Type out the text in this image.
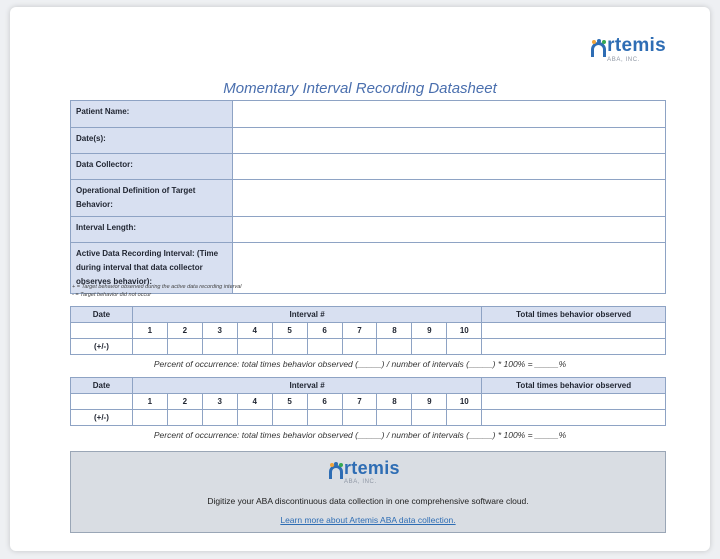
rtemis
ABA, INC.
Momentary Interval Recording Datasheet
Patient Name:	
Date(s):	
Data Collector:	
Operational Definition of Target Behavior:	
Interval Length:	
Active Data Recording Interval: (Time during interval that data collector observes behavior):	
+ = Target behavior observed during the active data recording interval
- = Target behavior did not occur
Date	Interval #										Total times behavior observed
	1	2	3	4	5	6	7	8	9	10	
(+/-)											
Percent of occurrence: total times behavior observed (_____) / number of intervals (_____) * 100% = _____%
Date	Interval #										Total times behavior observed
	1	2	3	4	5	6	7	8	9	10	
(+/-)											
Percent of occurrence: total times behavior observed (_____) / number of intervals (_____) * 100% = _____%
rtemis
ABA, INC.
Digitize your ABA discontinuous data collection in one comprehensive software cloud.
Learn more about Artemis ABA data collection.
